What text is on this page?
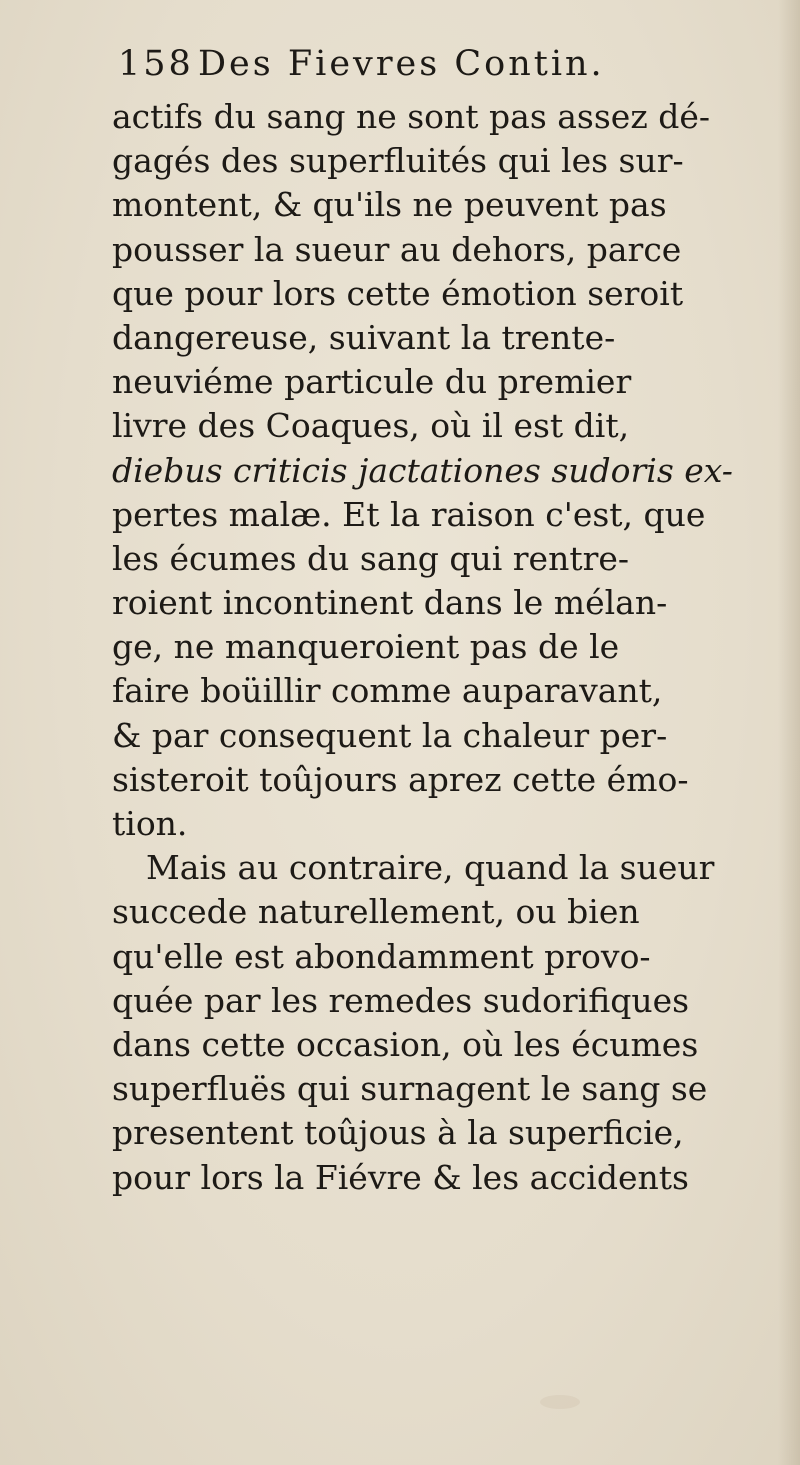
158 Des Fievres Contin.
actifs du sang ne sont pas assez dé-
gagés des superfluités qui les sur-
montent, & qu'ils ne peuvent pas
pousser la sueur au dehors, parce
que pour lors cette émotion seroit
dangereuse, suivant la trente-
neuviéme particule du premier
livre des Coaques, où il est dit,
diebus criticis jactationes sudoris ex-
pertes malæ. Et la raison c'est, que
les écumes du sang qui rentre-
roient incontinent dans le mélan-
ge, ne manqueroient pas de le
faire boüillir comme auparavant,
& par consequent la chaleur per-
sisteroit toûjours aprez cette émo-
tion.
Mais au contraire, quand la sueur
succede naturellement, ou bien
qu'elle est abondamment provo-
quée par les remedes sudorifiques
dans cette occasion, où les écumes
superfluës qui surnagent le sang se
presentent toûjous à la superficie,
pour lors la Fiévre & les accidents
